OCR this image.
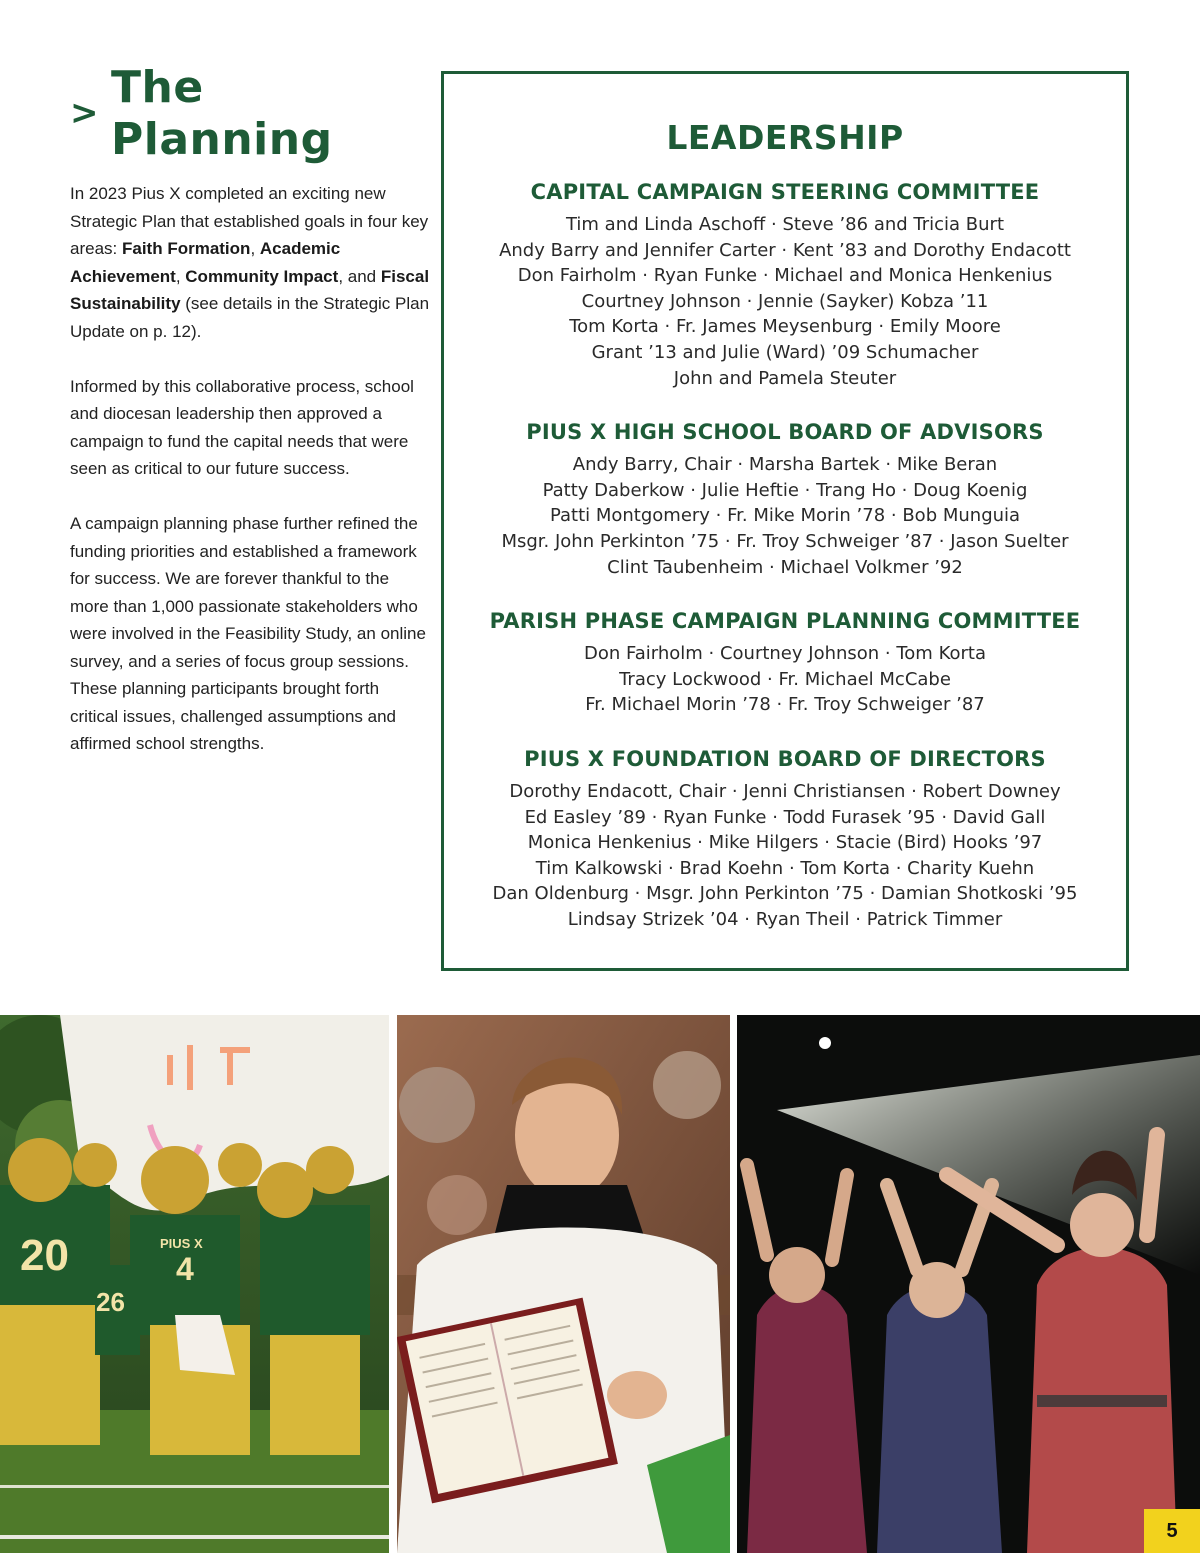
> The Planning

In 2023 Pius X completed an exciting new Strategic Plan that established goals in four key areas: Faith Formation, Academic Achievement, Community Impact, and Fiscal Sustainability (see details in the Strategic Plan Update on p. 12).

Informed by this collaborative process, school and diocesan leadership then approved a campaign to fund the capital needs that were seen as critical to our future success.

A campaign planning phase further refined the funding priorities and established a framework for success. We are forever thankful to the more than 1,000 passionate stakeholders who were involved in the Feasibility Study, an online survey, and a series of focus group sessions. These planning participants brought forth critical issues, challenged assumptions and affirmed school strengths.

LEADERSHIP
CAPITAL CAMPAIGN STEERING COMMITTEE
Tim and Linda Aschoff · Steve ’86 and Tricia Burt
Andy Barry and Jennifer Carter · Kent ’83 and Dorothy Endacott
Don Fairholm · Ryan Funke · Michael and Monica Henkenius
Courtney Johnson · Jennie (Sayker) Kobza ’11
Tom Korta · Fr. James Meysenburg · Emily Moore
Grant ’13 and Julie (Ward) ’09 Schumacher
John and Pamela Steuter
PIUS X HIGH SCHOOL BOARD OF ADVISORS
Andy Barry, Chair · Marsha Bartek · Mike Beran
Patty Daberkow · Julie Heftie · Trang Ho · Doug Koenig
Patti Montgomery · Fr. Mike Morin ’78 · Bob Munguia
Msgr. John Perkinton ’75 · Fr. Troy Schweiger ’87 · Jason Suelter
Clint Taubenheim · Michael Volkmer ’92
PARISH PHASE CAMPAIGN PLANNING COMMITTEE
Don Fairholm · Courtney Johnson · Tom Korta
Tracy Lockwood · Fr. Michael McCabe
Fr. Michael Morin ’78 · Fr. Troy Schweiger ’87
PIUS X FOUNDATION BOARD OF DIRECTORS
Dorothy Endacott, Chair · Jenni Christiansen · Robert Downey
Ed Easley ’89 · Ryan Funke · Todd Furasek ’95 · David Gall
Monica Henkenius · Mike Hilgers · Stacie (Bird) Hooks ’97
Tim Kalkowski · Brad Koehn · Tom Korta · Charity Kuehn
Dan Oldenburg · Msgr. John Perkinton ’75 · Damian Shotkoski ’95
Lindsay Strizek ’04 · Ryan Theil · Patrick Timmer
20	PIUS X
4
26
5
